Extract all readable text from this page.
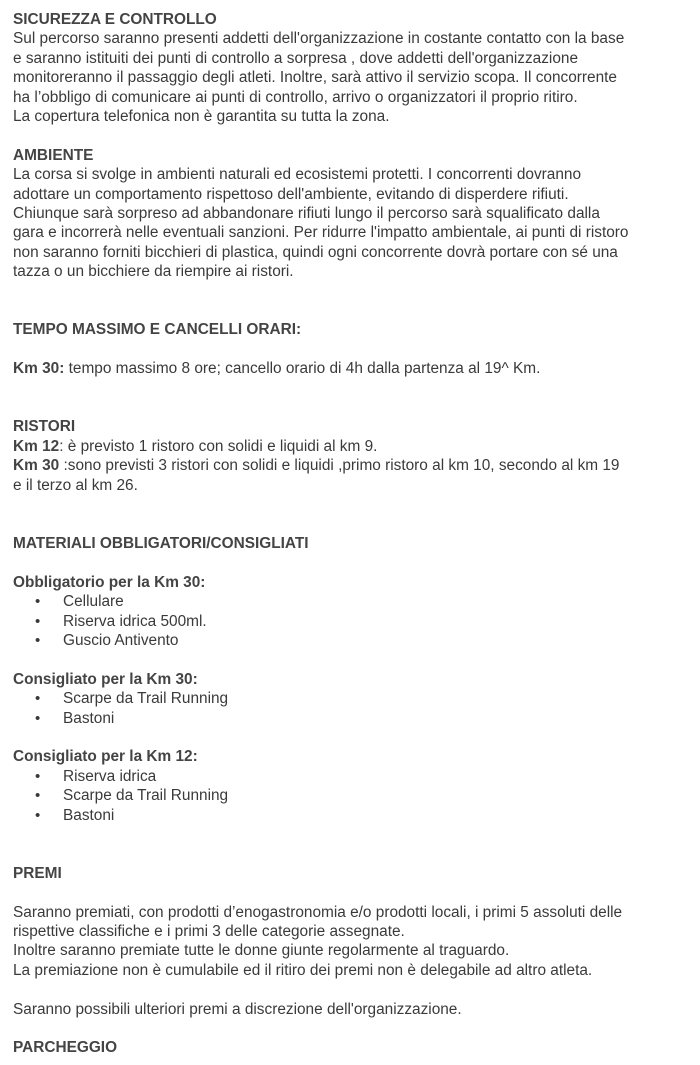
SICUREZZA E CONTROLLO

Sul percorso saranno presenti addetti dell'organizzazione in costante contatto con la base
e saranno istituiti dei punti di controllo a sorpresa , dove addetti dell'organizzazione
monitoreranno il passaggio degli atleti. Inoltre, sarà attivo il servizio scopa. Il concorrente
ha l’obbligo di comunicare ai punti di controllo, arrivo o organizzatori il proprio ritiro.
La copertura telefonica non è garantita su tutta la zona.

AMBIENTE

La corsa si svolge in ambienti naturali ed ecosistemi protetti. I concorrenti dovranno
adottare un comportamento rispettoso dell'ambiente, evitando di disperdere rifiuti.
Chiunque sarà sorpreso ad abbandonare rifiuti lungo il percorso sarà squalificato dalla
gara e incorrerà nelle eventuali sanzioni. Per ridurre l'impatto ambientale, ai punti di ristoro
non saranno forniti bicchieri di plastica, quindi ogni concorrente dovrà portare con sé una
tazza o un bicchiere da riempire ai ristori.

TEMPO MASSIMO E CANCELLI ORARI:

Km 30: tempo massimo 8 ore; cancello orario di 4h dalla partenza al 19^ Km.

RISTORI

Km 12: è previsto 1 ristoro con solidi e liquidi al km 9.

Km 30 :sono previsti 3 ristori con solidi e liquidi ,primo ristoro al km 10, secondo al km 19

e il terzo al km 26.

MATERIALI OBBLIGATORI/CONSIGLIATI

Obbligatorio per la Km 30:

• Cellulare
• Riserva idrica 500ml.
• Guscio Antivento

Consigliato per la Km 30:

• Scarpe da Trail Running
• Bastoni

Consigliato per la Km 12:

• Riserva idrica
• Scarpe da Trail Running
• Bastoni

PREMI

Saranno premiati, con prodotti d’enogastronomia e/o prodotti locali, i primi 5 assoluti delle
rispettive classifiche e i primi 3 delle categorie assegnate.
Inoltre saranno premiate tutte le donne giunte regolarmente al traguardo.
La premiazione non è cumulabile ed il ritiro dei premi non è delegabile ad altro atleta.

Saranno possibili ulteriori premi a discrezione dell'organizzazione.

PARCHEGGIO
